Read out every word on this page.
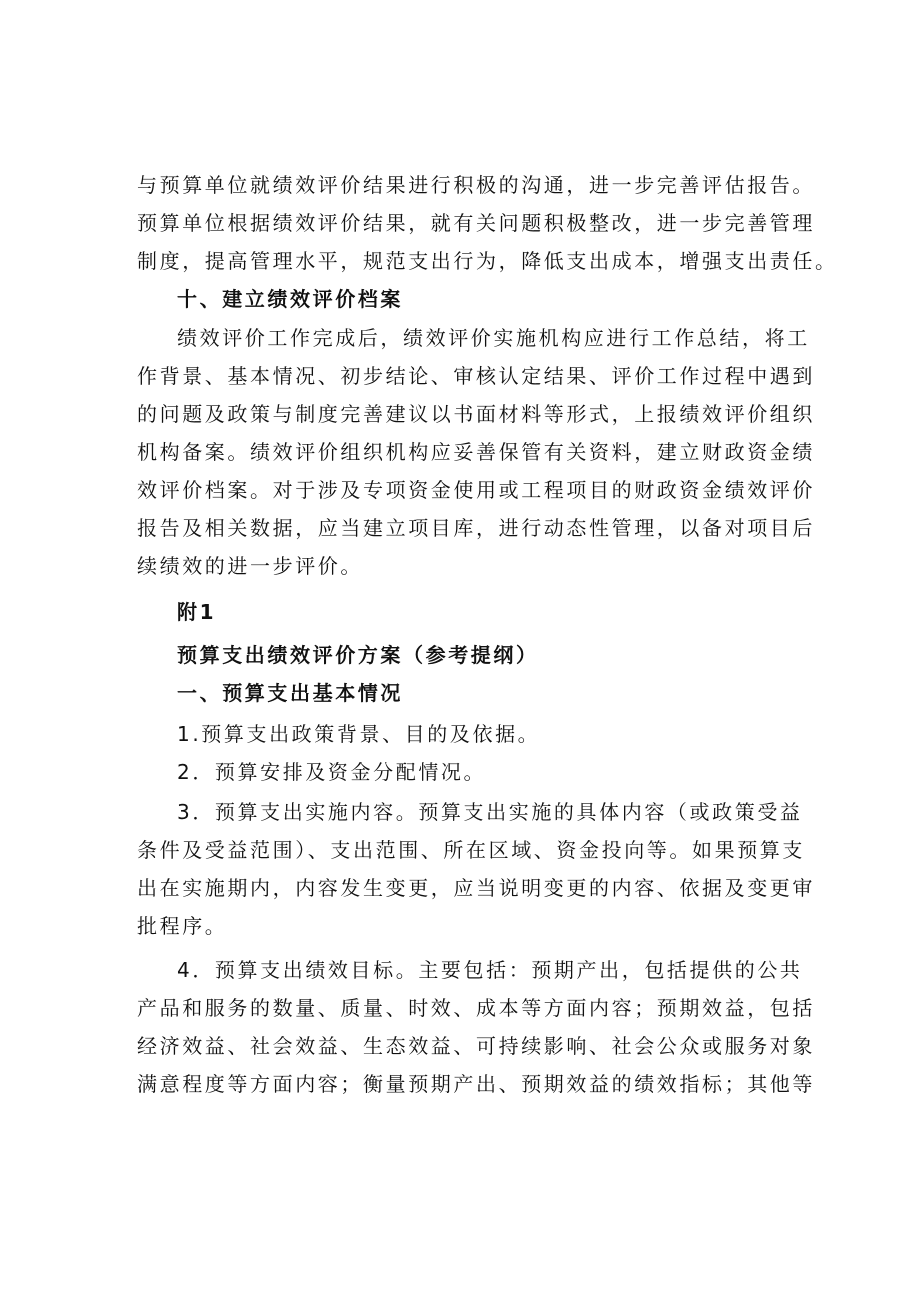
与预算单位就绩效评价结果进行积极的沟通，进一步完善评估报告。
预算单位根据绩效评价结果，就有关问题积极整改，进一步完善管理
制度，提高管理水平，规范支出行为，降低支出成本，增强支出责任。
十、建立绩效评价档案
绩效评价工作完成后，绩效评价实施机构应进行工作总结，将工
作背景、基本情况、初步结论、审核认定结果、评价工作过程中遇到
的问题及政策与制度完善建议以书面材料等形式，上报绩效评价组织
机构备案。绩效评价组织机构应妥善保管有关资料，建立财政资金绩
效评价档案。对于涉及专项资金使用或工程项目的财政资金绩效评价
报告及相关数据，应当建立项目库，进行动态性管理，以备对项目后
续绩效的进一步评价。
附1
预算支出绩效评价方案（参考提纲）
一、预算支出基本情况
1.预算支出政策背景、目的及依据。
2．预算安排及资金分配情况。
3．预算支出实施内容。预算支出实施的具体内容（或政策受益
条件及受益范围）、支出范围、所在区域、资金投向等。如果预算支
出在实施期内，内容发生变更，应当说明变更的内容、依据及变更审
批程序。
4．预算支出绩效目标。主要包括：预期产出，包括提供的公共
产品和服务的数量、质量、时效、成本等方面内容；预期效益，包括
经济效益、社会效益、生态效益、可持续影响、社会公众或服务对象
满意程度等方面内容；衡量预期产出、预期效益的绩效指标；其他等
